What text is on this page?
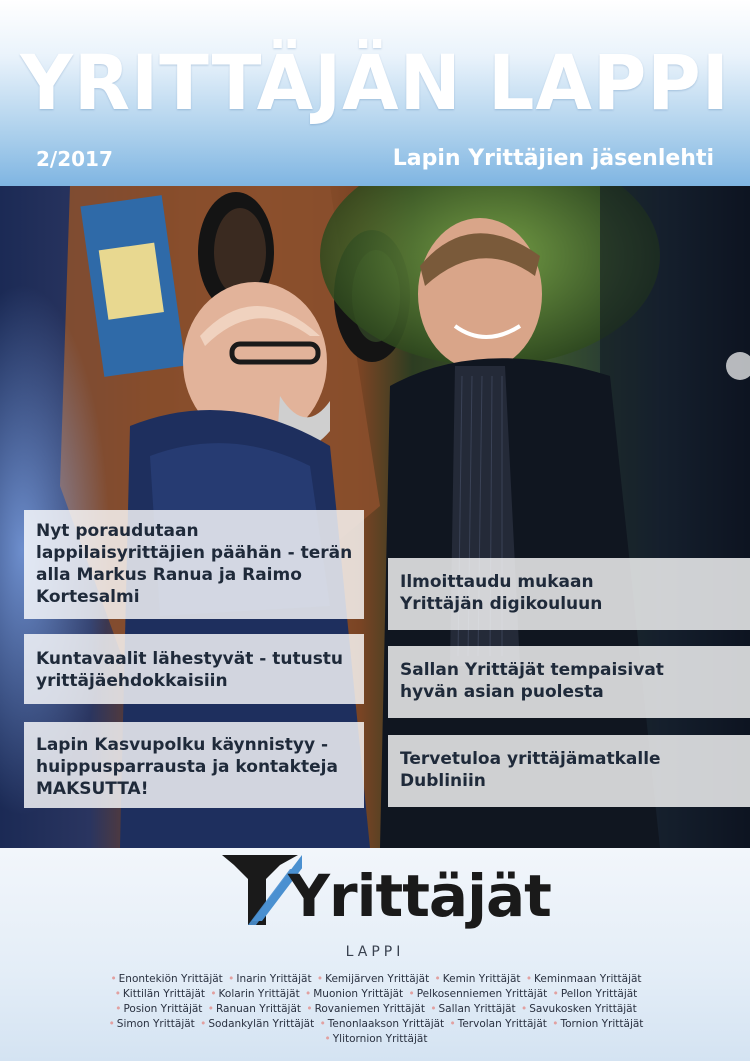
YRITTÄJÄN LAPPI
2/2017	Lapin Yrittäjien jäsenlehti
Nyt poraudutaan lappilaisyrittäjien päähän - terän alla Markus Ranua ja Raimo Kortesalmi
Kuntavaalit lähestyvät - tutustu yrittäjäehdokkaisiin
Lapin Kasvupolku käynnistyy - huippusparrausta ja kontakteja MAKSUTTA!
Ilmoittaudu mukaan Yrittäjän digikouluun
Sallan Yrittäjät tempaisivat hyvän asian puolesta
Tervetuloa yrittäjämatkalle Dubliniin
Yrittäjät
LAPPI
• Enontekiön Yrittäjät • Inarin Yrittäjät • Kemijärven Yrittäjät • Kemin Yrittäjät • Keminmaan Yrittäjät • Kittilän Yrittäjät • Kolarin Yrittäjät • Muonion Yrittäjät • Pelkosenniemen Yrittäjät • Pellon Yrittäjät • Posion Yrittäjät • Ranuan Yrittäjät • Rovaniemen Yrittäjät • Sallan Yrittäjät • Savukosken Yrittäjät • Simon Yrittäjät • Sodankylän Yrittäjät • Tenonlaakson Yrittäjät • Tervolan Yrittäjät • Tornion Yrittäjät • Ylitornion Yrittäjät
